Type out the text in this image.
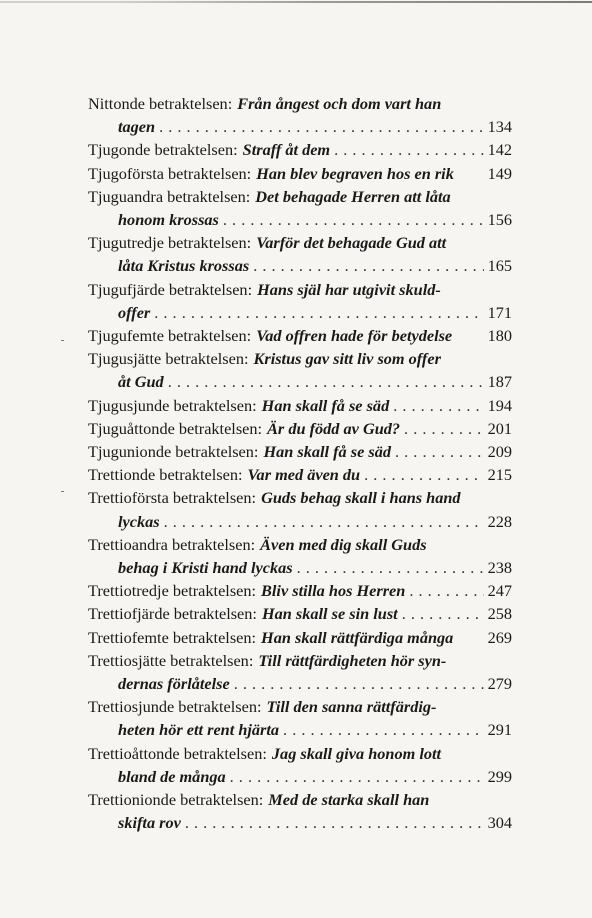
Nittonde betraktelsen: Från ångest och dom vart han
tagen . . .	134
Tjugonde betraktelsen: Straff åt dem . . .	142
Tjugoförsta betraktelsen: Han blev begraven hos en rik 149
Tjuguandra betraktelsen: Det behagade Herren att låta
honom krossas . . .	156
Tjugutredje betraktelsen: Varför det behagade Gud att
låta Kristus krossas . . .	165
Tjugufjärde betraktelsen: Hans själ har utgivit skuld-
offer . . .	171
Tjugufemte betraktelsen: Vad offren hade för betydelse 180
Tjugusjätte betraktelsen: Kristus gav sitt liv som offer
åt Gud . . .	187
Tjugusjunde betraktelsen: Han skall få se säd . . .	194
Tjuguåttonde betraktelsen: Är du född av Gud? . . .	201
Tjugunionde betraktelsen: Han skall få se säd . . .	209
Trettionde betraktelsen: Var med även du . . .	215
Trettioförsta betraktelsen: Guds behag skall i hans hand
lyckas . . .	228
Trettioandra betraktelsen: Även med dig skall Guds
behag i Kristi hand lyckas . . .	238
Trettiotredje betraktelsen: Bliv stilla hos Herren . . .	247
Trettiofjärde betraktelsen: Han skall se sin lust . . .	258
Trettiofemte betraktelsen: Han skall rättfärdiga många 269
Trettiosjätte betraktelsen: Till rättfärdigheten hör syn-
dernas förlåtelse . . .	279
Trettiosjunde betraktelsen: Till den sanna rättfärdig-
heten hör ett rent hjärta . . .	291
Trettioåttonde betraktelsen: Jag skall giva honom lott
bland de många . . .	299
Trettionionde betraktelsen: Med de starka skall han
skifta rov . . .	304
